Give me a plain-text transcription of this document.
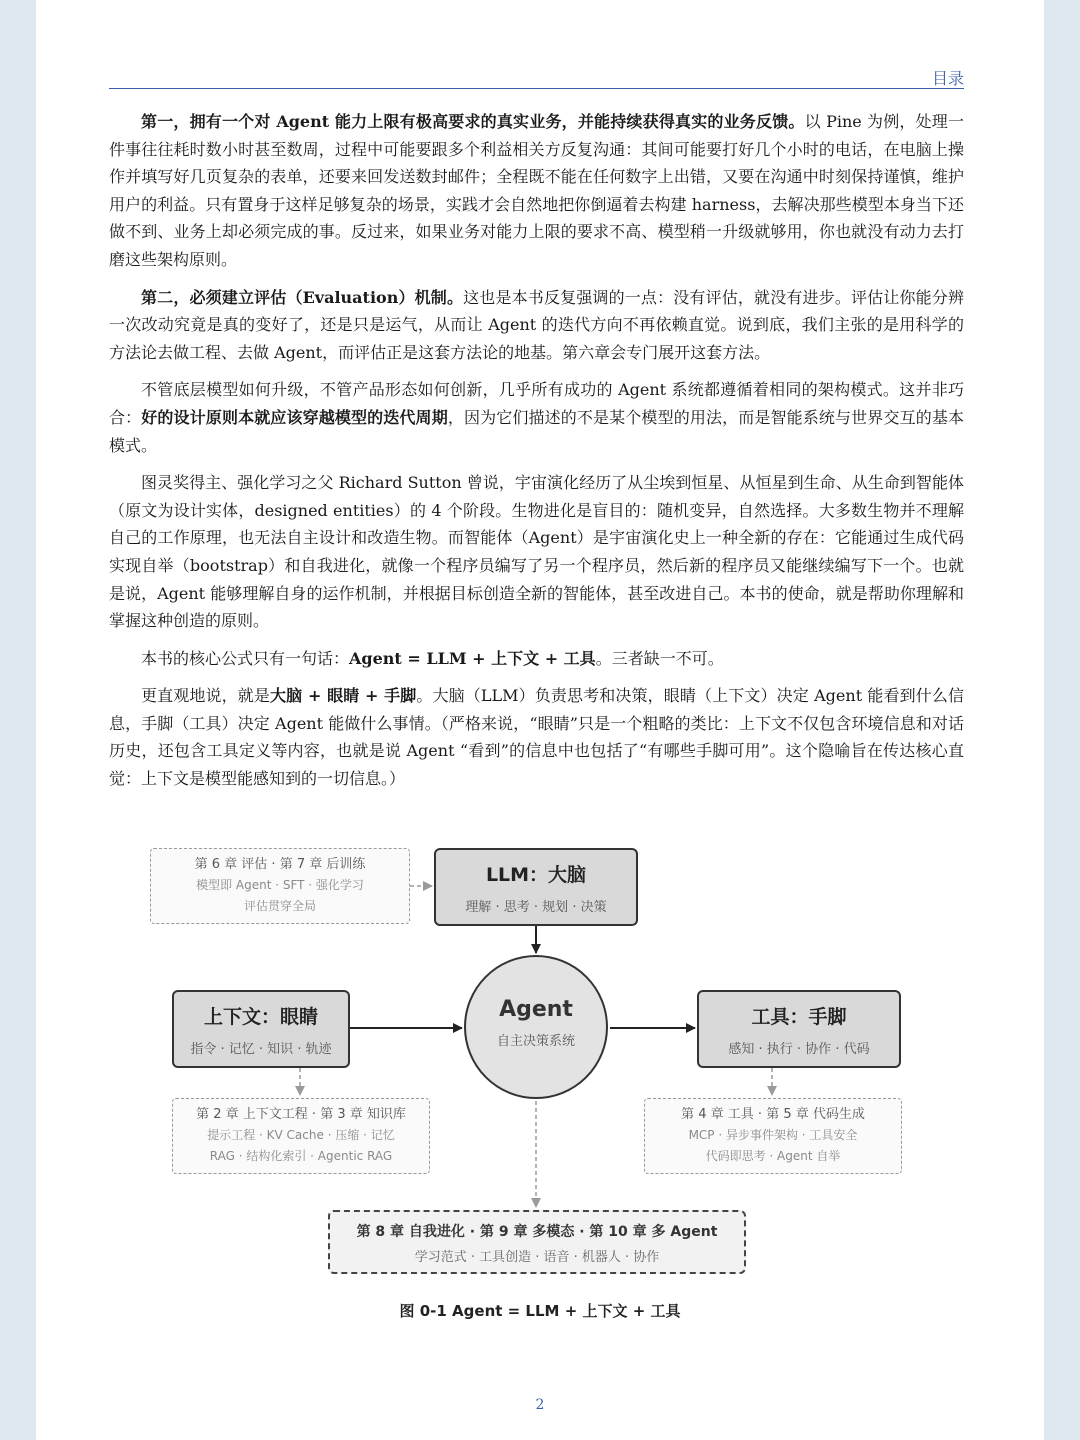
目录

第一，拥有一个对 Agent 能力上限有极高要求的真实业务，并能持续获得真实的业务反馈。以 Pine 为例，处理一件事往往耗时数小时甚至数周，过程中可能要跟多个利益相关方反复沟通：其间可能要打好几个小时的电话，在电脑上操作并填写好几页复杂的表单，还要来回发送数封邮件；全程既不能在任何数字上出错，又要在沟通中时刻保持谨慎，维护用户的利益。只有置身于这样足够复杂的场景，实践才会自然地把你倒逼着去构建 harness，去解决那些模型本身当下还做不到、业务上却必须完成的事。反过来，如果业务对能力上限的要求不高、模型稍一升级就够用，你也就没有动力去打磨这些架构原则。

第二，必须建立评估（Evaluation）机制。这也是本书反复强调的一点：没有评估，就没有进步。评估让你能分辨一次改动究竟是真的变好了，还是只是运气，从而让 Agent 的迭代方向不再依赖直觉。说到底，我们主张的是用科学的方法论去做工程、去做 Agent，而评估正是这套方法论的地基。第六章会专门展开这套方法。

不管底层模型如何升级，不管产品形态如何创新，几乎所有成功的 Agent 系统都遵循着相同的架构模式。这并非巧合：好的设计原则本就应该穿越模型的迭代周期，因为它们描述的不是某个模型的用法，而是智能系统与世界交互的基本模式。

图灵奖得主、强化学习之父 Richard Sutton 曾说，宇宙演化经历了从尘埃到恒星、从恒星到生命、从生命到智能体（原文为设计实体，designed entities）的 4 个阶段。生物进化是盲目的：随机变异，自然选择。大多数生物并不理解自己的工作原理，也无法自主设计和改造生物。而智能体（Agent）是宇宙演化史上一种全新的存在：它能通过生成代码实现自举（bootstrap）和自我进化，就像一个程序员编写了另一个程序员，然后新的程序员又能继续编写下一个。也就是说，Agent 能够理解自身的运作机制，并根据目标创造全新的智能体，甚至改进自己。本书的使命，就是帮助你理解和掌握这种创造的原则。

本书的核心公式只有一句话：Agent = LLM + 上下文 + 工具。三者缺一不可。

更直观地说，就是大脑 + 眼睛 + 手脚。大脑（LLM）负责思考和决策，眼睛（上下文）决定 Agent 能看到什么信息，手脚（工具）决定 Agent 能做什么事情。（严格来说，“眼睛”只是一个粗略的类比：上下文不仅包含环境信息和对话历史，还包含工具定义等内容，也就是说 Agent “看到”的信息中也包括了“有哪些手脚可用”。这个隐喻旨在传达核心直觉：上下文是模型能感知到的一切信息。）

第 6 章 评估 · 第 7 章 后训练
模型即 Agent · SFT · 强化学习
评估贯穿全局
LLM：大脑
理解 · 思考 · 规划 · 决策
上下文：眼睛
指令 · 记忆 · 知识 · 轨迹
Agent
自主决策系统
工具：手脚
感知 · 执行 · 协作 · 代码
第 2 章 上下文工程 · 第 3 章 知识库
提示工程 · KV Cache · 压缩 · 记忆
RAG · 结构化索引 · Agentic RAG
第 4 章 工具 · 第 5 章 代码生成
MCP · 异步事件架构 · 工具安全
代码即思考 · Agent 自举
第 8 章 自我进化 · 第 9 章 多模态 · 第 10 章 多 Agent
学习范式 · 工具创造 · 语音 · 机器人 · 协作
图 0-1 Agent = LLM + 上下文 + 工具
2
